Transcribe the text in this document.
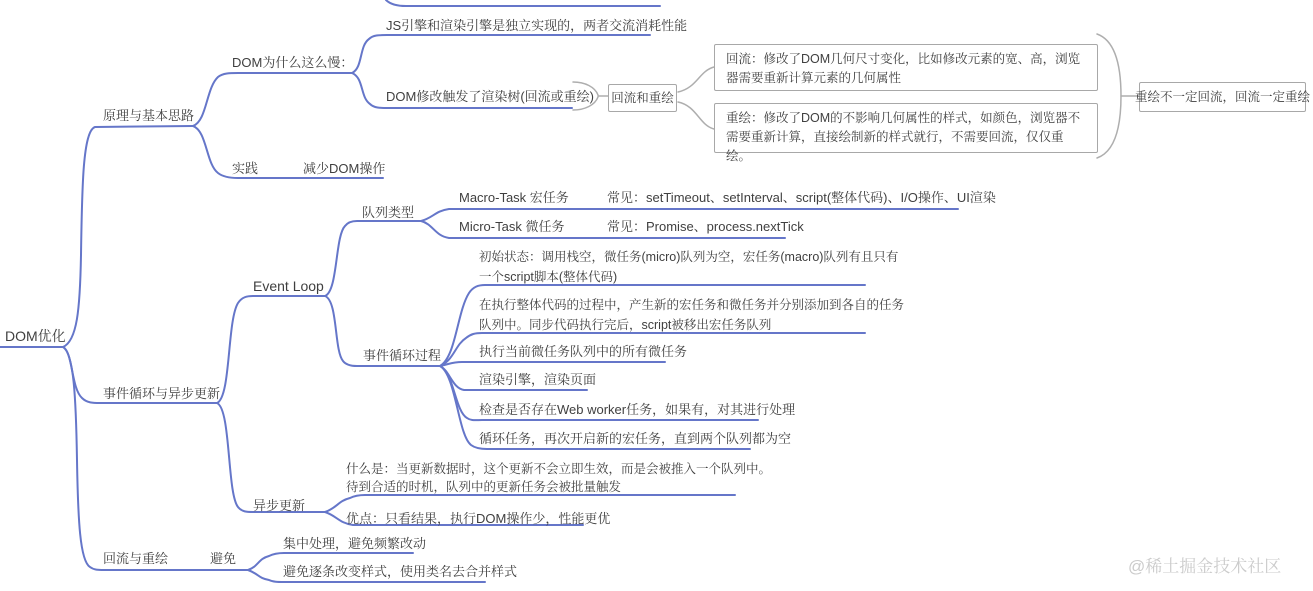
DOM优化
原理与基本思路
DOM为什么这么慢：
JS引擎和渲染引擎是独立实现的，两者交流消耗性能
DOM修改触发了渲染树(回流或重绘)
实践	减少DOM操作
回流和重绘
回流：修改了DOM几何尺寸变化，比如修改元素的宽、高，浏览器需要重新计算元素的几何属性
重绘：修改了DOM的不影响几何属性的样式，如颜色，浏览器不需要重新计算，直接绘制新的样式就行，不需要回流，仅仅重绘。
重绘不一定回流，回流一定重绘
事件循环与异步更新
Event Loop
队列类型
Macro-Task 宏任务	常见：setTimeout、setInterval、script(整体代码)、I/O操作、UI渲染
Micro-Task 微任务	常见：Promise、process.nextTick
事件循环过程
初始状态：调用栈空，微任务(micro)队列为空，宏任务(macro)队列有且只有
一个script脚本(整体代码)
在执行整体代码的过程中，产生新的宏任务和微任务并分别添加到各自的任务
队列中。同步代码执行完后，script被移出宏任务队列
执行当前微任务队列中的所有微任务
渲染引擎，渲染页面
检查是否存在Web worker任务，如果有，对其进行处理
循环任务，再次开启新的宏任务，直到两个队列都为空
异步更新
什么是：当更新数据时，这个更新不会立即生效，而是会被推入一个队列中。
待到合适的时机，队列中的更新任务会被批量触发
优点：只看结果，执行DOM操作少，性能更优
回流与重绘	避免
集中处理，避免频繁改动
避免逐条改变样式，使用类名去合并样式	@稀土掘金技术社区
